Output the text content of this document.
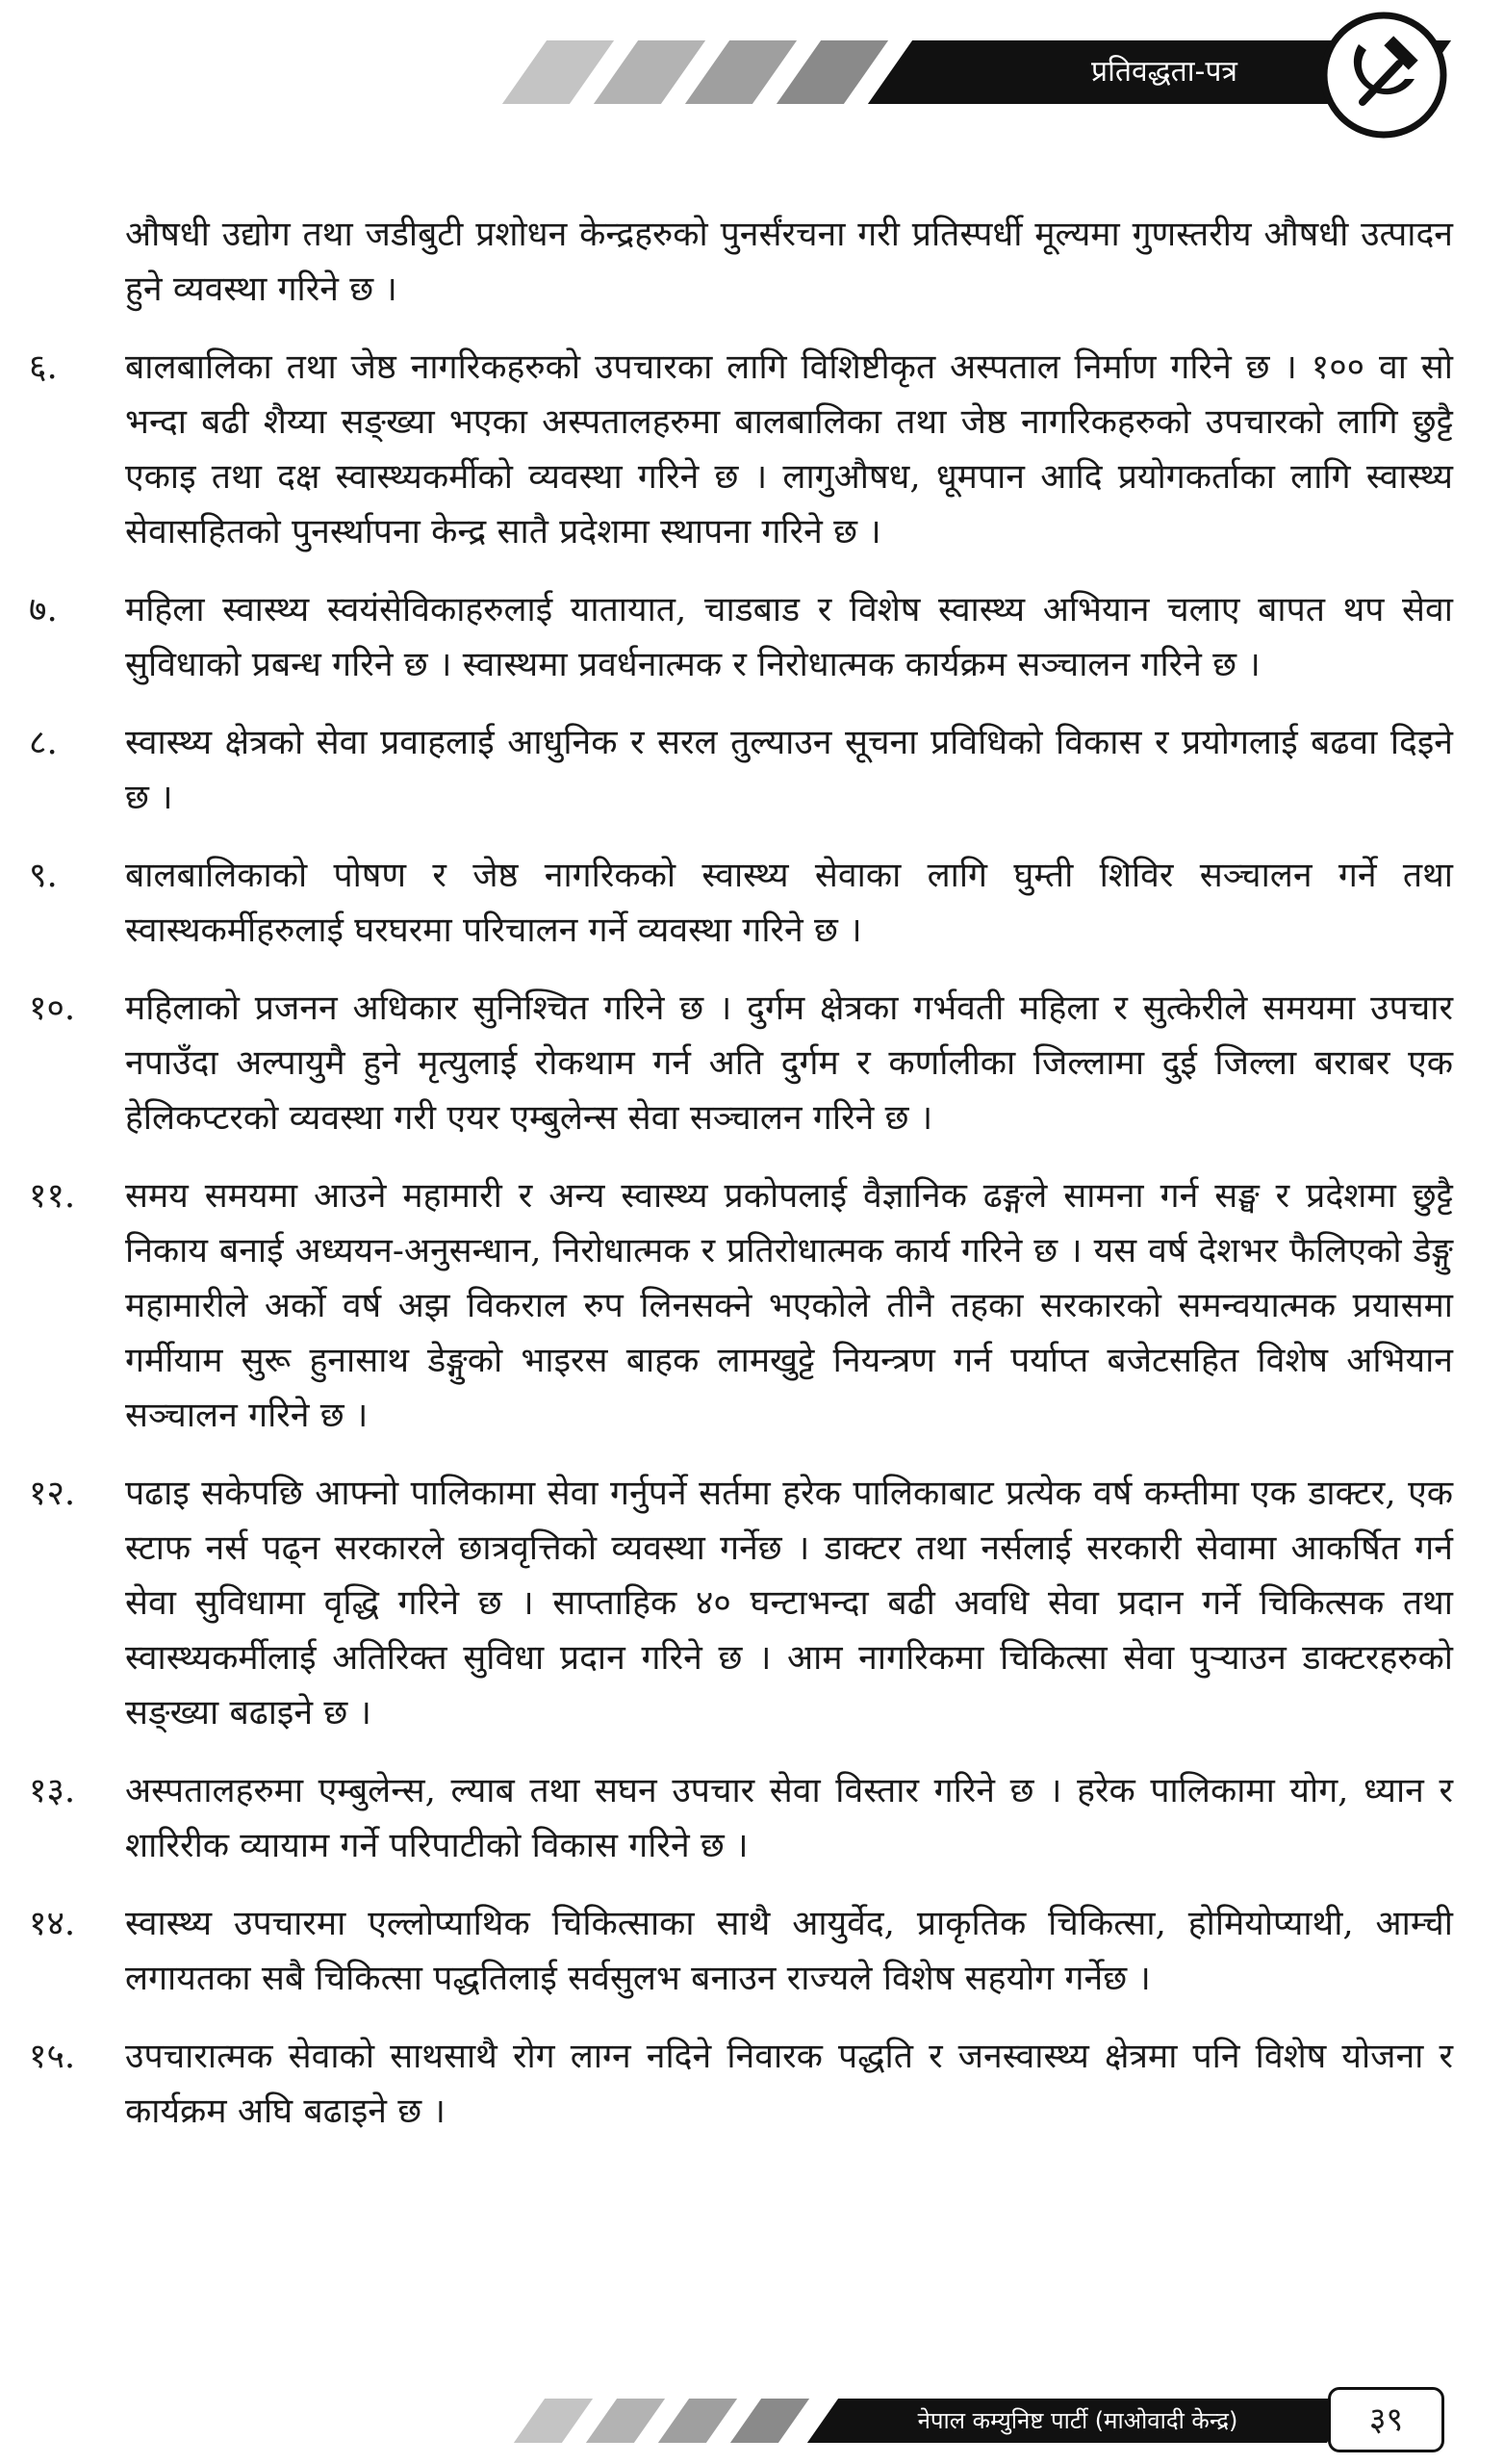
प्रतिवद्धता-पत्र
औषधी उद्योग तथा जडीबुटी प्रशोधन केन्द्रहरुको पुनर्संरचना गरी प्रतिस्पर्धी मूल्यमा गुणस्तरीय औषधी उत्पादन हुने व्यवस्था गरिने छ ।
६.	बालबालिका तथा जेष्ठ नागरिकहरुको उपचारका लागि विशिष्टीकृत अस्पताल निर्माण गरिने छ । १०० वा सो भन्दा बढी शैय्या सङ्ख्या भएका अस्पतालहरुमा बालबालिका तथा जेष्ठ नागरिकहरुको उपचारको लागि छुट्टै एकाइ तथा दक्ष स्वास्थ्यकर्मीको व्यवस्था गरिने छ । लागुऔषध, धूमपान आदि प्रयोगकर्ताका लागि स्वास्थ्य सेवासहितको पुनर्स्थापना केन्द्र सातै प्रदेशमा स्थापना गरिने छ ।
७.	महिला स्वास्थ्य स्वयंसेविकाहरुलाई यातायात, चाडबाड र विशेष स्वास्थ्य अभियान चलाए बापत थप सेवा सुविधाको प्रबन्ध गरिने छ । स्वास्थमा प्रवर्धनात्मक र निरोधात्मक कार्यक्रम सञ्चालन गरिने छ ।
८.	स्वास्थ्य क्षेत्रको सेवा प्रवाहलाई आधुनिक र सरल तुल्याउन सूचना प्रविधिको विकास र प्रयोगलाई बढवा दिइने छ ।
९.	बालबालिकाको पोषण र जेष्ठ नागरिकको स्वास्थ्य सेवाका लागि घुम्ती शिविर सञ्चालन गर्ने तथा स्वास्थकर्मीहरुलाई घरघरमा परिचालन गर्ने व्यवस्था गरिने छ ।
१०.	महिलाको प्रजनन अधिकार सुनिश्चित गरिने छ । दुर्गम क्षेत्रका गर्भवती महिला र सुत्केरीले समयमा उपचार नपाउँदा अल्पायुमै हुने मृत्युलाई रोकथाम गर्न अति दुर्गम र कर्णालीका जिल्लामा दुई जिल्ला बराबर एक हेलिकप्टरको व्यवस्था गरी एयर एम्बुलेन्स सेवा सञ्चालन गरिने छ ।
११.	समय समयमा आउने महामारी र अन्य स्वास्थ्य प्रकोपलाई वैज्ञानिक ढङ्गले सामना गर्न सङ्घ र प्रदेशमा छुट्टै निकाय बनाई अध्ययन-अनुसन्धान, निरोधात्मक र प्रतिरोधात्मक कार्य गरिने छ । यस वर्ष देशभर फैलिएको डेङ्गु महामारीले अर्को वर्ष अझ विकराल रुप लिनसक्ने भएकोले तीनै तहका सरकारको समन्वयात्मक प्रयासमा गर्मीयाम सुरू हुनासाथ डेङ्गुको भाइरस बाहक लामखुट्टे नियन्त्रण गर्न पर्याप्त बजेटसहित विशेष अभियान सञ्चालन गरिने छ ।
१२.	पढाइ सकेपछि आफ्नो पालिकामा सेवा गर्नुपर्ने सर्तमा हरेक पालिकाबाट प्रत्येक वर्ष कम्तीमा एक डाक्टर, एक स्टाफ नर्स पढ्न सरकारले छात्रवृत्तिको व्यवस्था गर्नेछ । डाक्टर तथा नर्सलाई सरकारी सेवामा आकर्षित गर्न सेवा सुविधामा वृद्धि गरिने छ । साप्ताहिक ४० घन्टाभन्दा बढी अवधि सेवा प्रदान गर्ने चिकित्सक तथा स्वास्थ्यकर्मीलाई अतिरिक्त सुविधा प्रदान गरिने छ । आम नागरिकमा चिकित्सा सेवा पुऱ्याउन डाक्टरहरुको सङ्ख्या बढाइने छ ।
१३.	अस्पतालहरुमा एम्बुलेन्स, ल्याब तथा सघन उपचार सेवा विस्तार गरिने छ । हरेक पालिकामा योग, ध्यान र शारिरीक व्यायाम गर्ने परिपाटीको विकास गरिने छ ।
१४.	स्वास्थ्य उपचारमा एल्लोप्याथिक चिकित्साका साथै आयुर्वेद, प्राकृतिक चिकित्सा, होमियोप्याथी, आम्ची लगायतका सबै चिकित्सा पद्धतिलाई सर्वसुलभ बनाउन राज्यले विशेष सहयोग गर्नेछ ।
१५.	उपचारात्मक सेवाको साथसाथै रोग लाग्न नदिने निवारक पद्धति र जनस्वास्थ्य क्षेत्रमा पनि विशेष योजना र कार्यक्रम अघि बढाइने छ ।
नेपाल कम्युनिष्ट पार्टी (माओवादी केन्द्र)	३९
